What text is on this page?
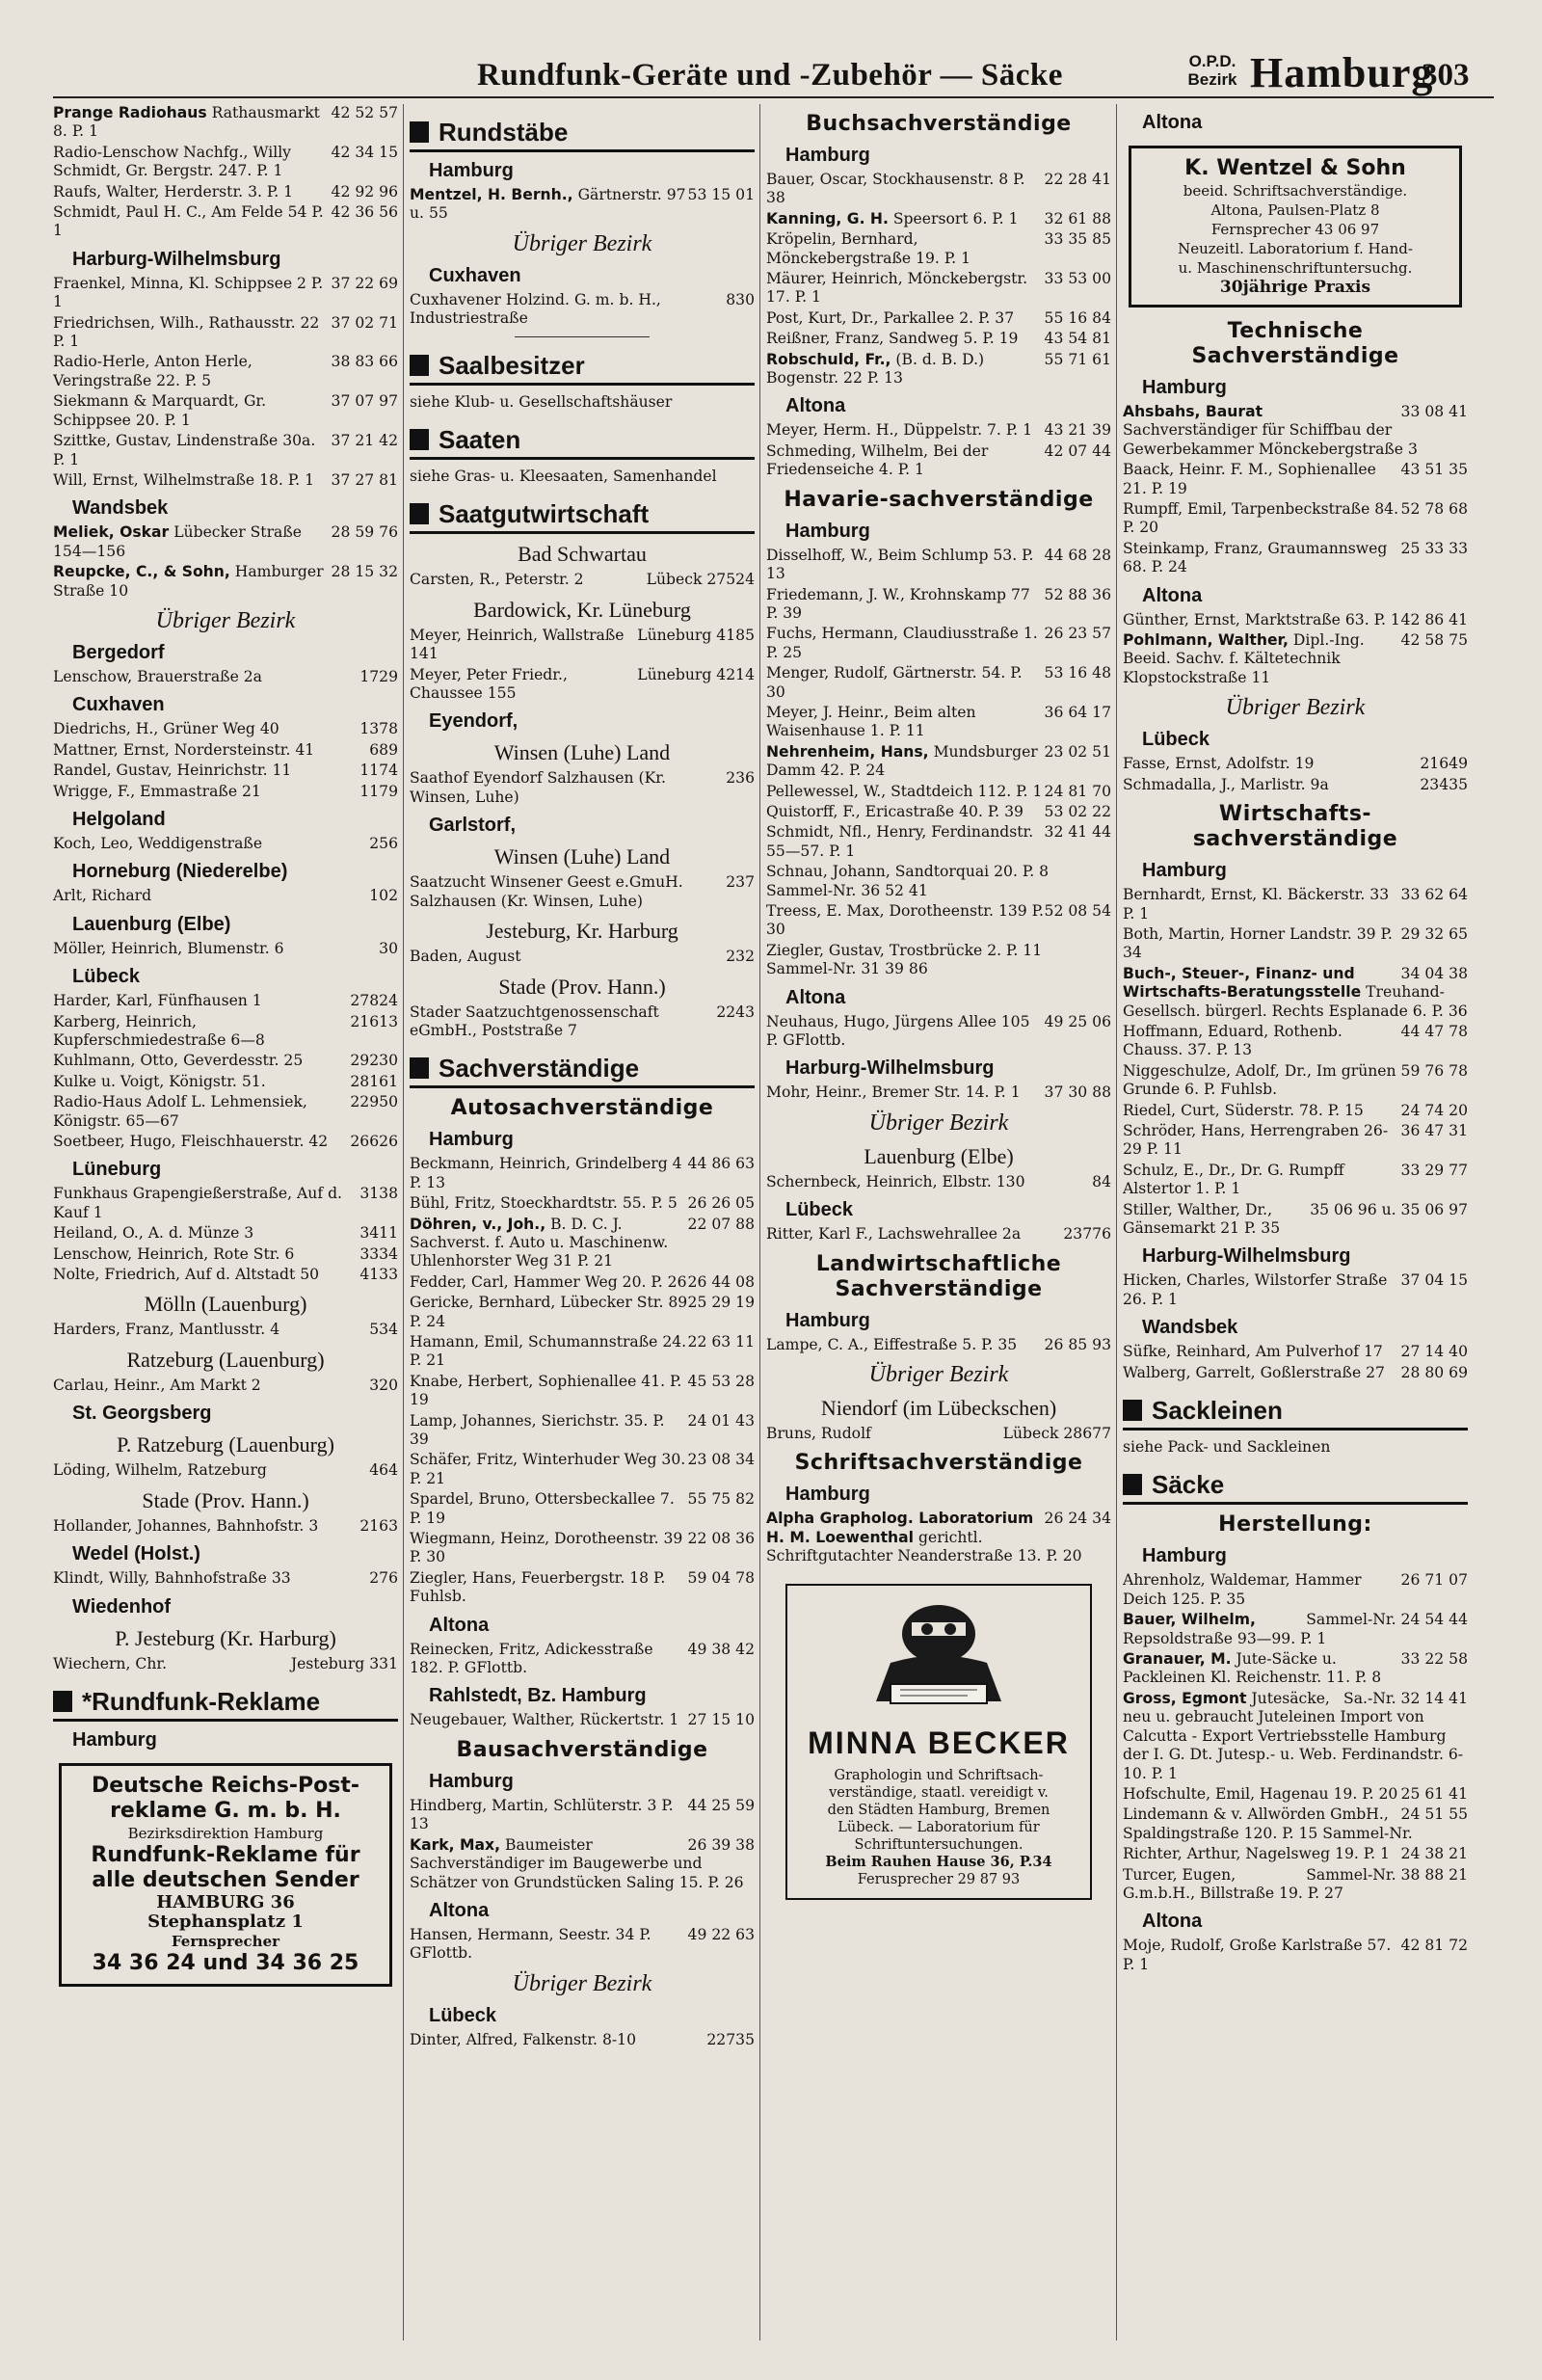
Rundfunk-Geräte und -Zubehör — Säcke	O.P.D.
Bezirk Hamburg
303
42 52 57
Prange Radiohaus Rathausmarkt 8. P. 1
42 34 15
Radio-Lenschow Nachfg., Willy Schmidt, Gr. Bergstr. 247. P. 1
42 92 96
Raufs, Walter, Herderstr. 3. P. 1
42 36 56
Schmidt, Paul H. C., Am Felde 54 P. 1
Harburg-Wilhelmsburg
37 22 69
Fraenkel, Minna, Kl. Schippsee 2 P. 1
37 02 71
Friedrichsen, Wilh., Rathausstr. 22 P. 1
38 83 66
Radio-Herle, Anton Herle, Veringstraße 22. P. 5
37 07 97
Siekmann & Marquardt, Gr. Schippsee 20. P. 1
37 21 42
Szittke, Gustav, Lindenstraße 30a. P. 1
37 27 81
Will, Ernst, Wilhelmstraße 18. P. 1
Wandsbek
28 59 76
Meliek, Oskar Lübecker Straße 154—156
28 15 32
Reupcke, C., & Sohn, Hamburger Straße 10
Übriger Bezirk
Bergedorf
1729
Lenschow, Brauerstraße 2a
Cuxhaven
1378
Diedrichs, H., Grüner Weg 40
689
Mattner, Ernst, Nordersteinstr. 41
1174
Randel, Gustav, Heinrichstr. 11
1179
Wrigge, F., Emmastraße 21
Helgoland
256
Koch, Leo, Weddigenstraße
Horneburg (Niederelbe)
102
Arlt, Richard
Lauenburg (Elbe)
30
Möller, Heinrich, Blumenstr. 6
Lübeck
27824
Harder, Karl, Fünfhausen 1
21613
Karberg, Heinrich, Kupferschmiedestraße 6—8
29230
Kuhlmann, Otto, Geverdesstr. 25
28161
Kulke u. Voigt, Königstr. 51.
22950
Radio-Haus Adolf L. Lehmensiek, Königstr. 65—67
26626
Soetbeer, Hugo, Fleischhauerstr. 42
Lüneburg
3138
Funkhaus Grapengießerstraße, Auf d. Kauf 1
3411
Heiland, O., A. d. Münze 3
3334
Lenschow, Heinrich, Rote Str. 6
4133
Nolte, Friedrich, Auf d. Altstadt 50
Mölln (Lauenburg)
534
Harders, Franz, Mantlusstr. 4
Ratzeburg (Lauenburg)
320
Carlau, Heinr., Am Markt 2
St. Georgsberg
P. Ratzeburg (Lauenburg)
464
Löding, Wilhelm, Ratzeburg
Stade (Prov. Hann.)
2163
Hollander, Johannes, Bahnhofstr. 3
Wedel (Holst.)
276
Klindt, Willy, Bahnhofstraße 33
Wiedenhof
P. Jesteburg (Kr. Harburg)
Jesteburg 331
Wiechern, Chr.
*Rundfunk-Reklame
Hamburg
Deutsche Reichs-Post-
reklame G. m. b. H.
Bezirksdirektion Hamburg
Rundfunk-Reklame für
alle deutschen Sender
HAMBURG 36
Stephansplatz 1
Fernsprecher
34 36 24 und 34 36 25
Rundstäbe
Hamburg
53 15 01
Mentzel, H. Bernh., Gärtnerstr. 97 u. 55
Übriger Bezirk
Cuxhaven
830
Cuxhavener Holzind. G. m. b. H., Industriestraße
Saalbesitzer
siehe Klub- u. Gesellschaftshäuser
Saaten
siehe Gras- u. Kleesaaten, Samenhandel
Saatgutwirtschaft
Bad Schwartau
Lübeck 27524
Carsten, R., Peterstr. 2
Bardowick, Kr. Lüneburg
Lüneburg 4185
Meyer, Heinrich, Wallstraße 141
Lüneburg 4214
Meyer, Peter Friedr., Chaussee 155
Eyendorf,
Winsen (Luhe) Land
236
Saathof Eyendorf Salzhausen (Kr. Winsen, Luhe)
Garlstorf,
Winsen (Luhe) Land
237
Saatzucht Winsener Geest e.GmuH. Salzhausen (Kr. Winsen, Luhe)
Jesteburg, Kr. Harburg
232
Baden, August
Stade (Prov. Hann.)
2243
Stader Saatzuchtgenossenschaft eGmbH., Poststraße 7
Sachverständige
Autosachverständige
Hamburg
44 86 63
Beckmann, Heinrich, Grindelberg 4 P. 13
26 26 05
Bühl, Fritz, Stoeckhardtstr. 55. P. 5
22 07 88
Döhren, v., Joh., B. D. C. J. Sachverst. f. Auto u. Maschinenw. Uhlenhorster Weg 31 P. 21
26 44 08
Fedder, Carl, Hammer Weg 20. P. 26
25 29 19
Gericke, Bernhard, Lübecker Str. 89 P. 24
22 63 11
Hamann, Emil, Schumannstraße 24. P. 21
45 53 28
Knabe, Herbert, Sophienallee 41. P. 19
24 01 43
Lamp, Johannes, Sierichstr. 35. P. 39
23 08 34
Schäfer, Fritz, Winterhuder Weg 30. P. 21
55 75 82
Spardel, Bruno, Ottersbeckallee 7. P. 19
22 08 36
Wiegmann, Heinz, Dorotheenstr. 39 P. 30
59 04 78
Ziegler, Hans, Feuerbergstr. 18 P. Fuhlsb.
Altona
49 38 42
Reinecken, Fritz, Adickesstraße 182. P. GFlottb.
Rahlstedt, Bz. Hamburg
27 15 10
Neugebauer, Walther, Rückertstr. 1
Bausachverständige
Hamburg
44 25 59
Hindberg, Martin, Schlüterstr. 3 P. 13
26 39 38
Kark, Max, Baumeister Sachverständiger im Baugewerbe und Schätzer von Grundstücken Saling 15. P. 26
Altona
49 22 63
Hansen, Hermann, Seestr. 34 P. GFlottb.
Übriger Bezirk
Lübeck
22735
Dinter, Alfred, Falkenstr. 8-10
Buchsachverständige
Hamburg
22 28 41
Bauer, Oscar, Stockhausenstr. 8 P. 38
32 61 88
Kanning, G. H. Speersort 6. P. 1
33 35 85
Kröpelin, Bernhard, Mönckebergstraße 19. P. 1
33 53 00
Mäurer, Heinrich, Mönckebergstr. 17. P. 1
55 16 84
Post, Kurt, Dr., Parkallee 2. P. 37
43 54 81
Reißner, Franz, Sandweg 5. P. 19
55 71 61
Robschuld, Fr., (B. d. B. D.) Bogenstr. 22 P. 13
Altona
43 21 39
Meyer, Herm. H., Düppelstr. 7. P. 1
42 07 44
Schmeding, Wilhelm, Bei der Friedenseiche 4. P. 1
Havarie-sachverständige
Hamburg
44 68 28
Disselhoff, W., Beim Schlump 53. P. 13
52 88 36
Friedemann, J. W., Krohnskamp 77 P. 39
26 23 57
Fuchs, Hermann, Claudiusstraße 1. P. 25
53 16 48
Menger, Rudolf, Gärtnerstr. 54. P. 30
36 64 17
Meyer, J. Heinr., Beim alten Waisenhause 1. P. 11
23 02 51
Nehrenheim, Hans, Mundsburger Damm 42. P. 24
24 81 70
Pellewessel, W., Stadtdeich 112. P. 1
53 02 22
Quistorff, F., Ericastraße 40. P. 39
32 41 44
Schmidt, Nfl., Henry, Ferdinandstr. 55—57. P. 1
Schnau, Johann, Sandtorquai 20. P. 8 Sammel-Nr. 36 52 41
52 08 54
Treess, E. Max, Dorotheenstr. 139 P. 30
Ziegler, Gustav, Trostbrücke 2. P. 11 Sammel-Nr. 31 39 86
Altona
49 25 06
Neuhaus, Hugo, Jürgens Allee 105 P. GFlottb.
Harburg-Wilhelmsburg
37 30 88
Mohr, Heinr., Bremer Str. 14. P. 1
Übriger Bezirk
Lauenburg (Elbe)
84
Schernbeck, Heinrich, Elbstr. 130
Lübeck
23776
Ritter, Karl F., Lachswehrallee 2a
Landwirtschaftliche Sachverständige
Hamburg
26 85 93
Lampe, C. A., Eiffestraße 5. P. 35
Übriger Bezirk
Niendorf (im Lübeckschen)
Lübeck 28677
Bruns, Rudolf
Schriftsachverständige
Hamburg
26 24 34
Alpha Grapholog. Laboratorium H. M. Loewenthal gerichtl. Schriftgutachter Neanderstraße 13. P. 20
MINNA BECKER
Graphologin und Schriftsach-
verständige, staatl. vereidigt v.
den Städten Hamburg, Bremen
Lübeck. — Laboratorium für
Schriftuntersuchungen.
Beim Rauhen Hause 36, P.34
Ferusprecher 29 87 93
Altona
K. Wentzel & Sohn
beeid. Schriftsachverständige.
Altona, Paulsen-Platz 8
Fernsprecher 43 06 97
Neuzeitl. Laboratorium f. Hand-
u. Maschinenschriftuntersuchg.
30jährige Praxis
Technische Sachverständige
Hamburg
33 08 41
Ahsbahs, Baurat Sachverständiger für Schiffbau der Gewerbekammer Mönckebergstraße 3
43 51 35
Baack, Heinr. F. M., Sophienallee 21. P. 19
52 78 68
Rumpff, Emil, Tarpenbeckstraße 84. P. 20
25 33 33
Steinkamp, Franz, Graumannsweg 68. P. 24
Altona
42 86 41
Günther, Ernst, Marktstraße 63. P. 1
42 58 75
Pohlmann, Walther, Dipl.-Ing. Beeid. Sachv. f. Kältetechnik Klopstockstraße 11
Übriger Bezirk
Lübeck
21649
Fasse, Ernst, Adolfstr. 19
23435
Schmadalla, J., Marlistr. 9a
Wirtschafts-sachverständige
Hamburg
33 62 64
Bernhardt, Ernst, Kl. Bäckerstr. 33 P. 1
29 32 65
Both, Martin, Horner Landstr. 39 P. 34
34 04 38
Buch-, Steuer-, Finanz- und Wirtschafts-Beratungsstelle Treuhand-Gesellsch. bürgerl. Rechts Esplanade 6. P. 36
44 47 78
Hoffmann, Eduard, Rothenb. Chauss. 37. P. 13
59 76 78
Niggeschulze, Adolf, Dr., Im grünen Grunde 6. P. Fuhlsb.
24 74 20
Riedel, Curt, Süderstr. 78. P. 15
36 47 31
Schröder, Hans, Herrengraben 26-29 P. 11
33 29 77
Schulz, E., Dr., Dr. G. Rumpff Alstertor 1. P. 1
35 06 96 u. 35 06 97
Stiller, Walther, Dr., Gänsemarkt 21 P. 35
Harburg-Wilhelmsburg
37 04 15
Hicken, Charles, Wilstorfer Straße 26. P. 1
Wandsbek
27 14 40
Süfke, Reinhard, Am Pulverhof 17
28 80 69
Walberg, Garrelt, Goßlerstraße 27
Sackleinen
siehe Pack- und Sackleinen
Säcke
Herstellung:
Hamburg
26 71 07
Ahrenholz, Waldemar, Hammer Deich 125. P. 35
Sammel-Nr. 24 54 44
Bauer, Wilhelm, Repsoldstraße 93—99. P. 1
33 22 58
Granauer, M. Jute-Säcke u. Packleinen Kl. Reichenstr. 11. P. 8
Sa.-Nr. 32 14 41
Gross, Egmont Jutesäcke, neu u. gebraucht Juteleinen Import von Calcutta - Export Vertriebsstelle Hamburg der I. G. Dt. Jutesp.- u. Web. Ferdinandstr. 6-10. P. 1
25 61 41
Hofschulte, Emil, Hagenau 19. P. 20
24 51 55
Lindemann & v. Allwörden GmbH., Spaldingstraße 120. P. 15 Sammel-Nr.
24 38 21
Richter, Arthur, Nagelsweg 19. P. 1
Sammel-Nr. 38 88 21
Turcer, Eugen, G.m.b.H., Billstraße 19. P. 27
Altona
42 81 72
Moje, Rudolf, Große Karlstraße 57. P. 1
